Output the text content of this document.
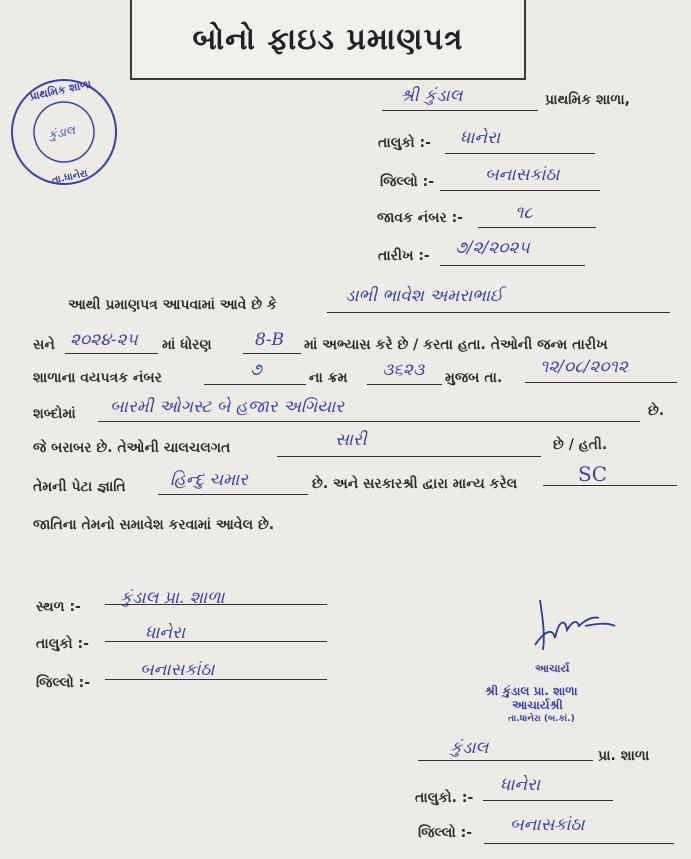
બોનો ફાઇડ પ્રમાણપત્ર
પ્રાથમિક શાળા
તા.ધાનેરા
કુંડાલ
શ્રી કુંડાલ	પ્રાથમિક શાળા,
તાલુકો :- ધાનેરા
જિલ્લો :-	બનાસકાંઠા
જાવક નંબર :-	૧૮
તારીખ :- ૭/૨/૨૦૨૫
આથી પ્રમાણપત્ર આપવામાં આવે છે કે	ડાભી ભાવેશ અમરાભાઈ
સને ૨૦૨૪-૨૫ માં ધોરણ	8-B માં અભ્યાસ કરે છે / કરતા હતા. તેઓની જન્મ તારીખ
શાળાના વયપત્રક નંબર	૭	ના ક્રમ ૩૬૨૩ મુજબ તા.
૧૨/૦૮/૨૦૧૨
શબ્દોમાં બારમી ઓગસ્ટ બે હજાર અગિયાર	છે.
જે બરાબર છે. તેઓની ચાલચલગત	સારી	છે / હતી.
તેમની પેટા જ્ઞાતિ	હિન્દુ ચમાર	છે. અને સરકારશ્રી દ્વારા માન્ય કરેલ	SC
જાતિના તેમનો સમાવેશ કરવામાં આવેલ છે.
સ્થળ :- કુંડાલ પ્રા. શાળા
તાલુકો :-
ધાનેરા
જિલ્લો :-
બનાસકાંઠા	આચાર્ય
શ્રી કુંડાલ પ્રા. શાળા
આચાર્યશ્રી
તા.ધાનેરા (બ.કાં.)
કુંડાલ	પ્રા. શાળા
તાલુકો. :-
ધાનેરા
જિલ્લો :- બનાસકાંઠા
